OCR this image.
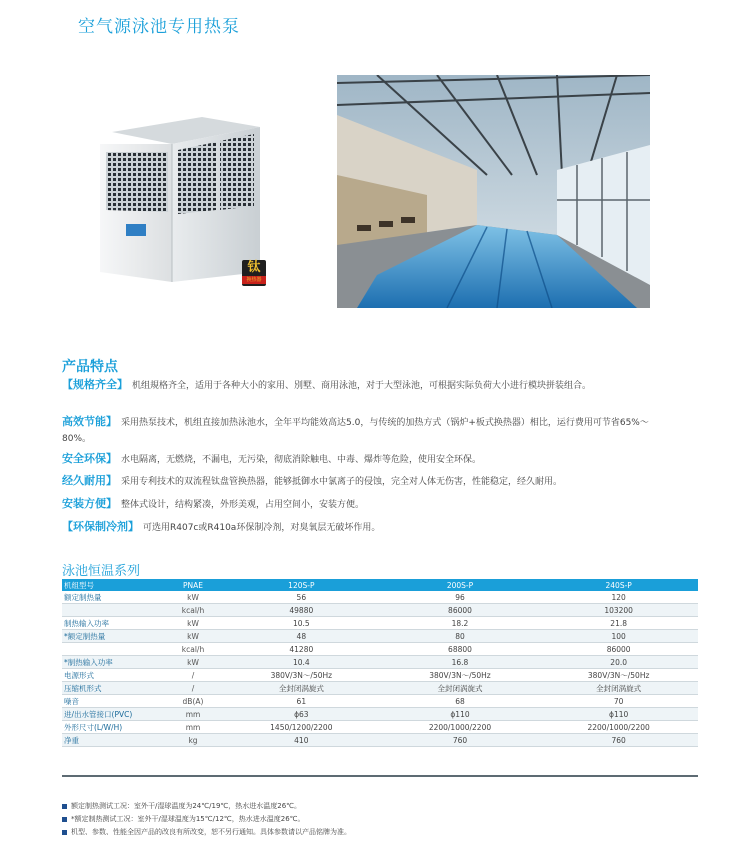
空气源泳池专用热泵
钛
换热器
产品特点
【规格齐全】 机组規格齐全，适用于各种大小的家用、別墅、商用泳池，对于大型泳池，可根据实际负荷大小进行模块拼装组合。
高效节能】 采用热泵技术，机组直接加热泳池水，全年平均能效高达5.0，与传统的加热方式（锅炉+板式换热器）相比，运行费用可节省65%～80%。
安全环保】 水电隔离，无燃烧，不漏电，无污染，彻底消除触电、中毒、爆炸等危险，使用安全环保。
经久耐用】 采用专利技术的双流程钛盘管换热器，能够抵御水中氯离子的侵蚀，完全对人体无伤害，性能稳定，经久耐用。
安装方便】 整体式设计，结构紧凑，外形美观，占用空间小，安装方便。
【环保制冷剂】 可选用R407c或R410a环保制冷剂，对臭氧层无破坏作用。
泳池恒温系列
机组型号	PNAE	120S-P	200S-P	240S-P
额定制热量	kW	56	96	120
	kcal/h	49880	86000	103200
制热输入功率	kW	10.5	18.2	21.8
*额定制热量	kW	48	80	100
	kcal/h	41280	68800	86000
*制热输入功率	kW	10.4	16.8	20.0
电源形式	/	380V/3N～/50Hz	380V/3N～/50Hz	380V/3N～/50Hz
压缩机形式	/	全封闭涡旋式	全封闭涡旋式	全封闭涡旋式
噪音	dB(A)	61	68	70
进/出水管接口(PVC)	mm	ϕ63	ϕ110	ϕ110
外形尺寸(L/W/H)	mm	1450/1200/2200	2200/1000/2200	2200/1000/2200
净重	kg	410	760	760
额定制热测试工况：室外干/湿球温度为24℃/19℃，热水进水温度26℃。
*额定制热测试工况：室外干/湿球温度为15℃/12℃，热水进水温度26℃。
机型、参数、性能全因产品的改良有所改变，恕不另行通知。具体参数请以产品铭牌为准。
